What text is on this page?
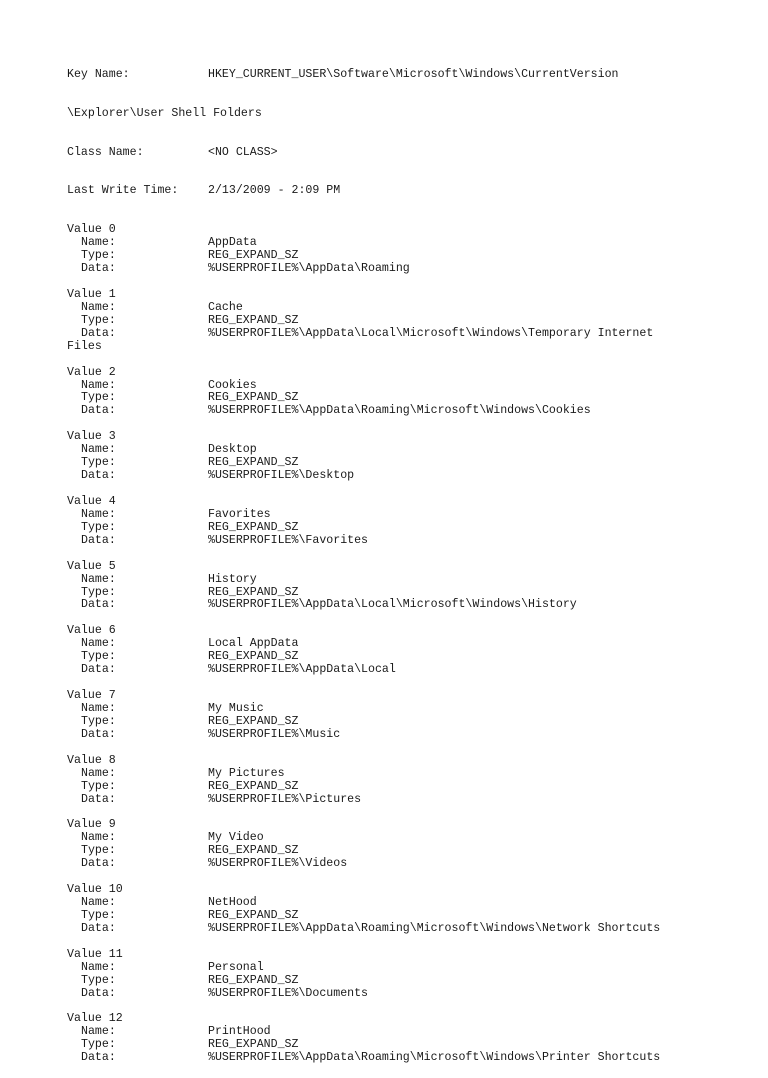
Key Name:	HKEY_CURRENT_USER\Software\Microsoft\Windows\CurrentVersion

\Explorer\User Shell Folders

Class Name:	<NO CLASS>

Last Write Time:	2/13/2009 - 2:09 PM

Value 0
Name:	AppData
Type:	REG_EXPAND_SZ
Data:	%USERPROFILE%\AppData\Roaming
Value 1
Name:	Cache
Type:	REG_EXPAND_SZ
Data:	%USERPROFILE%\AppData\Local\Microsoft\Windows\Temporary Internet
Files
Value 2
Name:	Cookies
Type:	REG_EXPAND_SZ
Data:	%USERPROFILE%\AppData\Roaming\Microsoft\Windows\Cookies
Value 3
Name:	Desktop
Type:	REG_EXPAND_SZ
Data:	%USERPROFILE%\Desktop
Value 4
Name:	Favorites
Type:	REG_EXPAND_SZ
Data:	%USERPROFILE%\Favorites
Value 5
Name:	History
Type:	REG_EXPAND_SZ
Data:	%USERPROFILE%\AppData\Local\Microsoft\Windows\History
Value 6
Name:	Local AppData
Type:	REG_EXPAND_SZ
Data:	%USERPROFILE%\AppData\Local
Value 7
Name:	My Music
Type:	REG_EXPAND_SZ
Data:	%USERPROFILE%\Music
Value 8
Name:	My Pictures
Type:	REG_EXPAND_SZ
Data:	%USERPROFILE%\Pictures
Value 9
Name:	My Video
Type:	REG_EXPAND_SZ
Data:	%USERPROFILE%\Videos
Value 10
Name:	NetHood
Type:	REG_EXPAND_SZ
Data:	%USERPROFILE%\AppData\Roaming\Microsoft\Windows\Network Shortcuts
Value 11
Name:	Personal
Type:	REG_EXPAND_SZ
Data:	%USERPROFILE%\Documents
Value 12
Name:	PrintHood
Type:	REG_EXPAND_SZ
Data:	%USERPROFILE%\AppData\Roaming\Microsoft\Windows\Printer Shortcuts
